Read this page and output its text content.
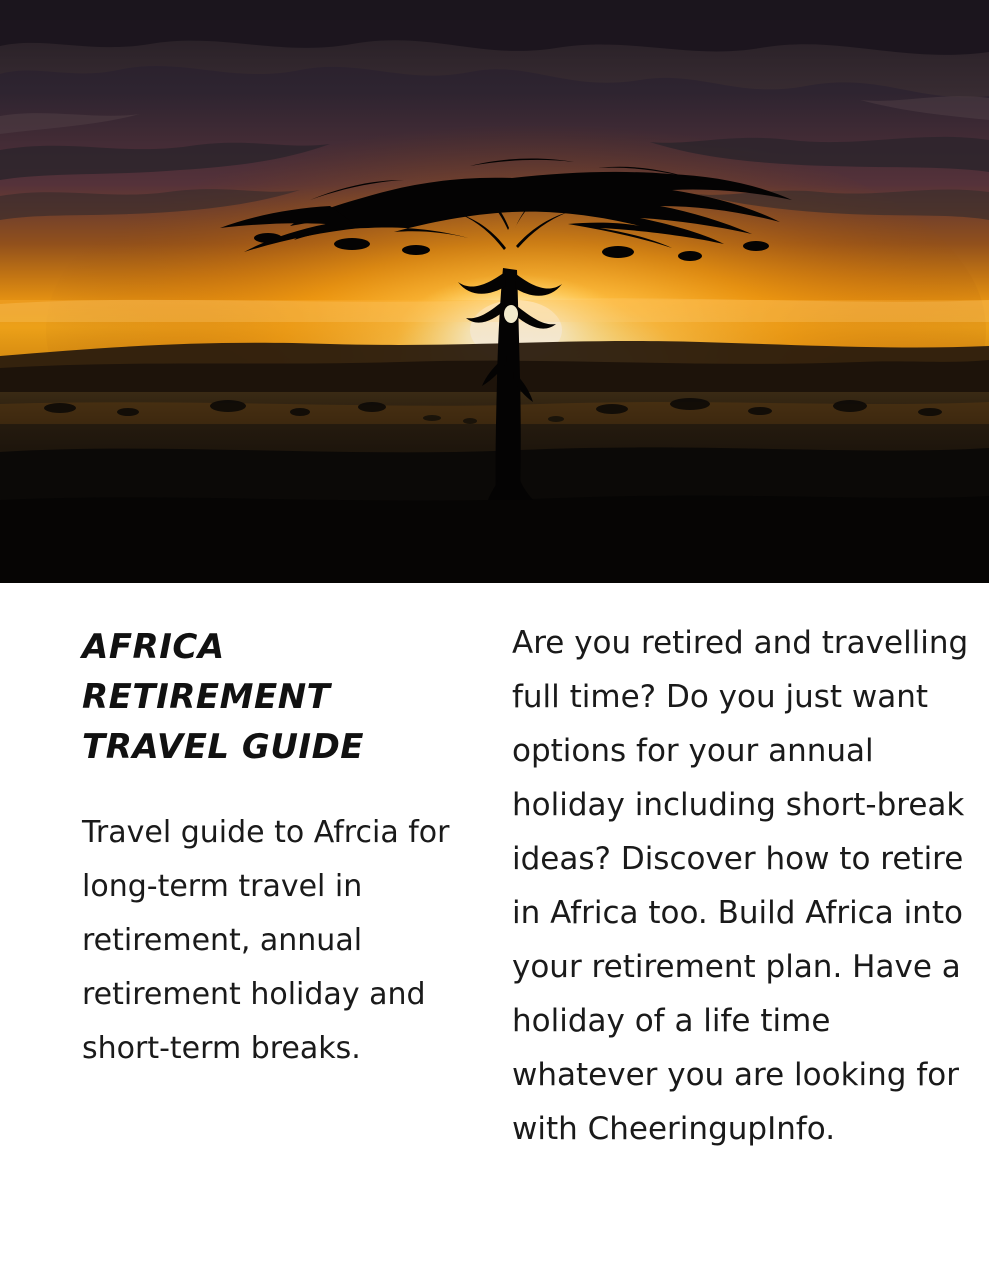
AFRICA RETIREMENT TRAVEL GUIDE

Travel guide to Afrcia for long-term travel in retirement, annual retirement holiday and short-term breaks.

Are you retired and travelling full time? Do you just want options for your annual holiday including short-break ideas? Discover how to retire in Africa too. Build Africa into your retirement plan. Have a holiday of a life time whatever you are looking for with CheeringupInfo.
